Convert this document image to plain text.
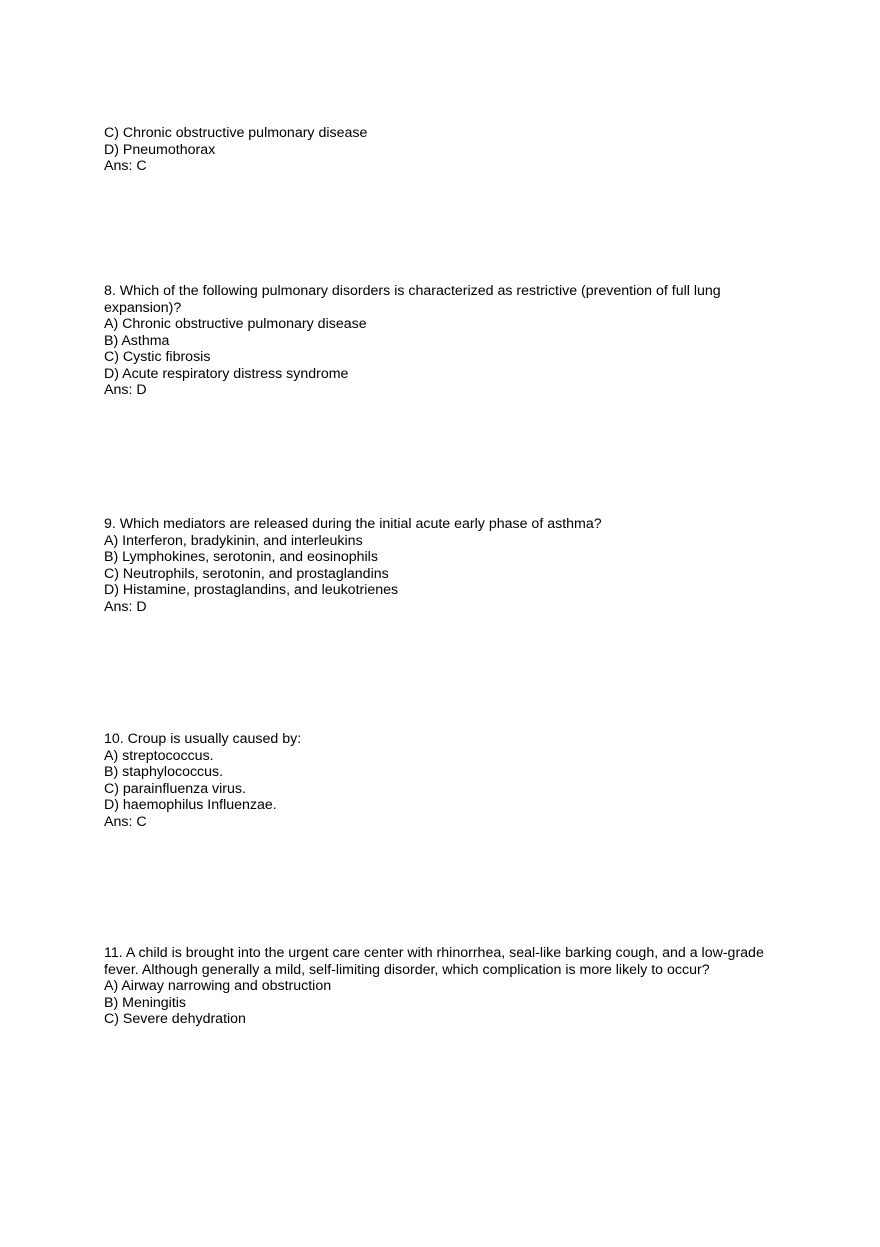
C) Chronic obstructive pulmonary disease

D) Pneumothorax

Ans: C

8. Which of the following pulmonary disorders is characterized as restrictive (prevention of full lung

expansion)?

A) Chronic obstructive pulmonary disease

B) Asthma

C) Cystic fibrosis

D) Acute respiratory distress syndrome

Ans: D

9. Which mediators are released during the initial acute early phase of asthma?

A) Interferon, bradykinin, and interleukins

B) Lymphokines, serotonin, and eosinophils

C) Neutrophils, serotonin, and prostaglandins

D) Histamine, prostaglandins, and leukotrienes

Ans: D

10. Croup is usually caused by:

A) streptococcus.

B) staphylococcus.

C) parainfluenza virus.

D) haemophilus Influenzae.

Ans: C

11. A child is brought into the urgent care center with rhinorrhea, seal-like barking cough, and a low-grade

fever. Although generally a mild, self-limiting disorder, which complication is more likely to occur?

A) Airway narrowing and obstruction

B) Meningitis

C) Severe dehydration
